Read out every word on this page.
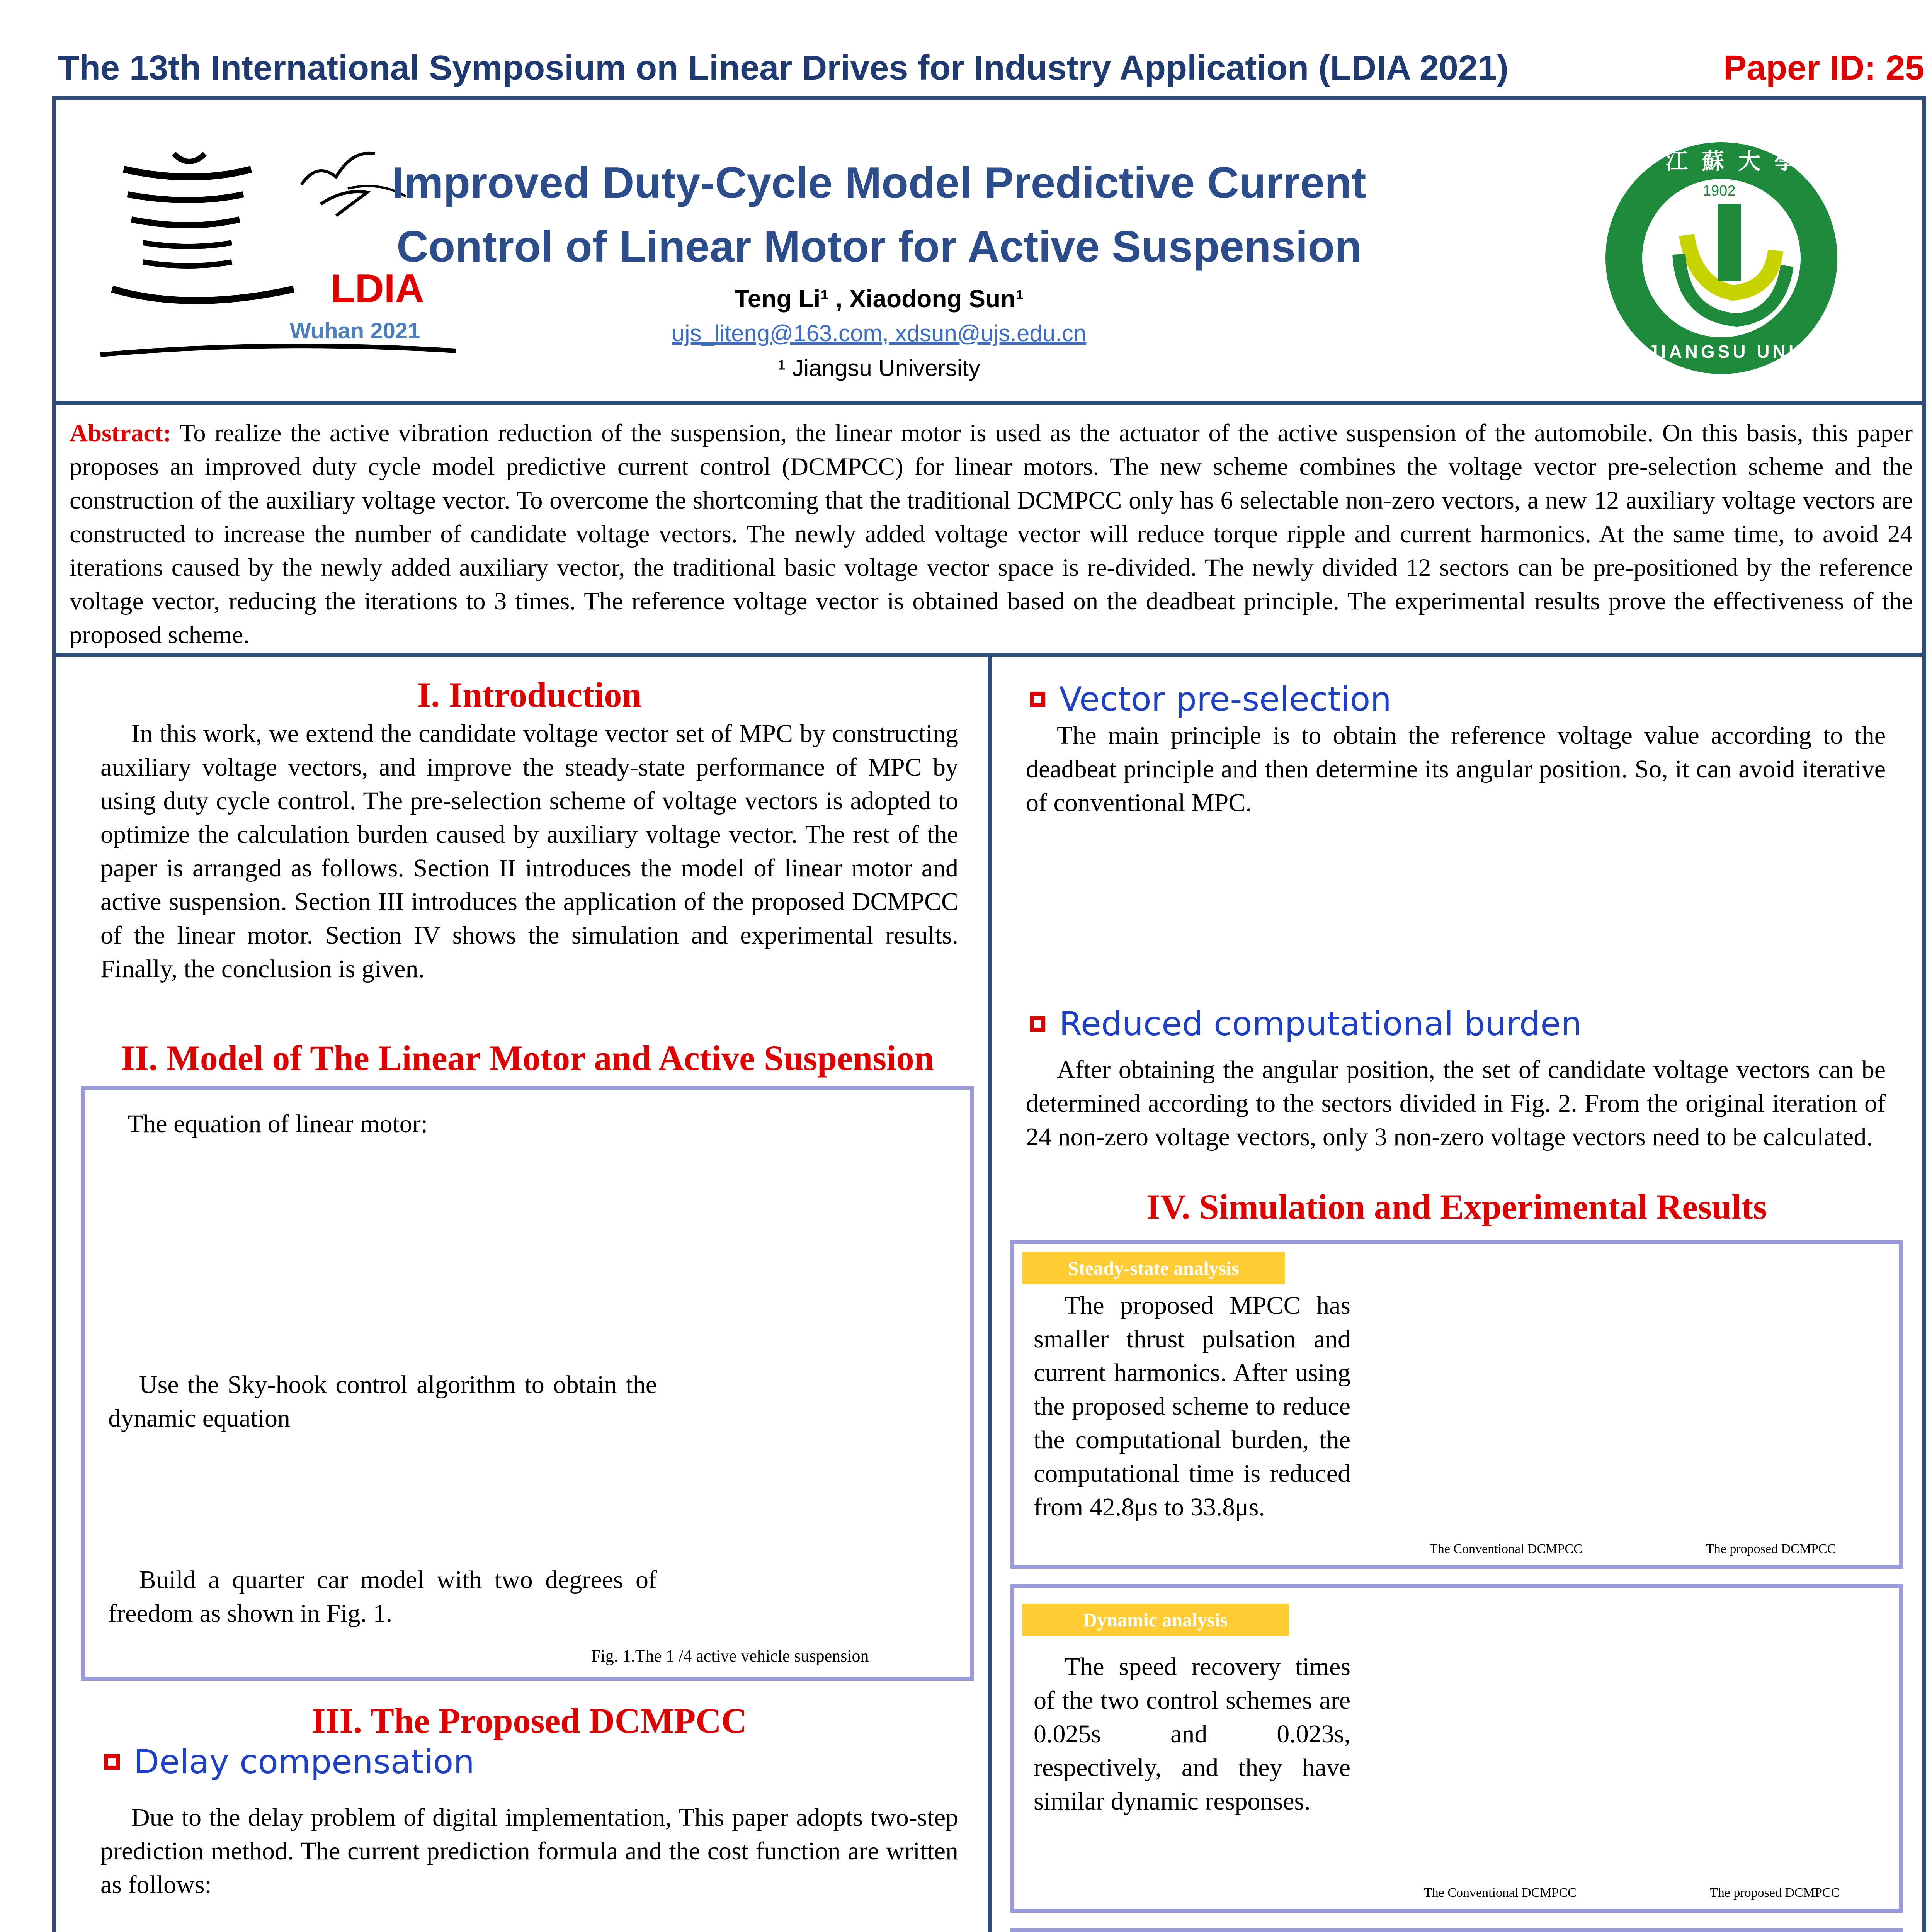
The 13th International Symposium on Linear Drives for Industry Application (LDIA 2021)	Paper ID: 25
LDIA
Wuhan 2021
Improved Duty-Cycle Model Predictive Current
Control of Linear Motor for Active Suspension
Teng Li¹ , Xiaodong Sun¹
ujs_liteng@163.com, xdsun@ujs.edu.cn
¹ Jiangsu University
1902
江蘇大學
JIANGSU UNIVERSITY
Abstract: To realize the active vibration reduction of the suspension, the linear motor is used as the actuator of the active suspension of the automobile. On this basis, this paper proposes an improved duty cycle model predictive current control (DCMPCC) for linear motors. The new scheme combines the voltage vector pre-selection scheme and the construction of the auxiliary voltage vector. To overcome the shortcoming that the traditional DCMPCC only has 6 selectable non-zero vectors, a new 12 auxiliary voltage vectors are constructed to increase the number of candidate voltage vectors. The newly added voltage vector will reduce torque ripple and current harmonics. At the same time, to avoid 24 iterations caused by the newly added auxiliary vector, the traditional basic voltage vector space is re-divided. The newly divided 12 sectors can be pre-positioned by the reference voltage vector, reducing the iterations to 3 times. The reference voltage vector is obtained based on the deadbeat principle. The experimental results prove the effectiveness of the proposed scheme.
I. Introduction
In this work, we extend the candidate voltage vector set of MPC by constructing auxiliary voltage vectors, and improve the steady-state performance of MPC by using duty cycle control. The pre-selection scheme of voltage vectors is adopted to optimize the calculation burden caused by auxiliary voltage vector. The rest of the paper is arranged as follows. Section II introduces the model of linear motor and active suspension. Section III introduces the application of the proposed DCMPCC of the linear motor. Section IV shows the simulation and experimental results. Finally, the conclusion is given.
II. Model of The Linear Motor and Active Suspension
The equation of linear motor:
Use the Sky-hook control algorithm to obtain the dynamic equation
Build a quarter car model with two degrees of freedom as shown in Fig. 1.
Fig. 1.The 1 /4 active vehicle suspension
III. The Proposed DCMPCC
Delay compensation
Due to the delay problem of digital implementation, This paper adopts two-step prediction method. The current prediction formula and the cost function are written as follows:
Vector pre-selection
The main principle is to obtain the reference voltage value according to the deadbeat principle and then determine its angular position. So, it can avoid iterative of conventional MPC.
Reduced computational burden
After obtaining the angular position, the set of candidate voltage vectors can be determined according to the sectors divided in Fig. 2. From the original iteration of 24 non-zero voltage vectors, only 3 non-zero voltage vectors need to be calculated.
IV. Simulation and Experimental Results
Steady-state analysis
The proposed MPCC has smaller thrust pulsation and current harmonics. After using the proposed scheme to reduce the computational burden, the computational time is reduced from 42.8μs to 33.8μs.
The Conventional DCMPCC	The proposed DCMPCC
Dynamic analysis
The speed recovery times of the two control schemes are 0.025s and 0.023s, respectively, and they have similar dynamic responses.
The Conventional DCMPCC	The proposed DCMPCC
